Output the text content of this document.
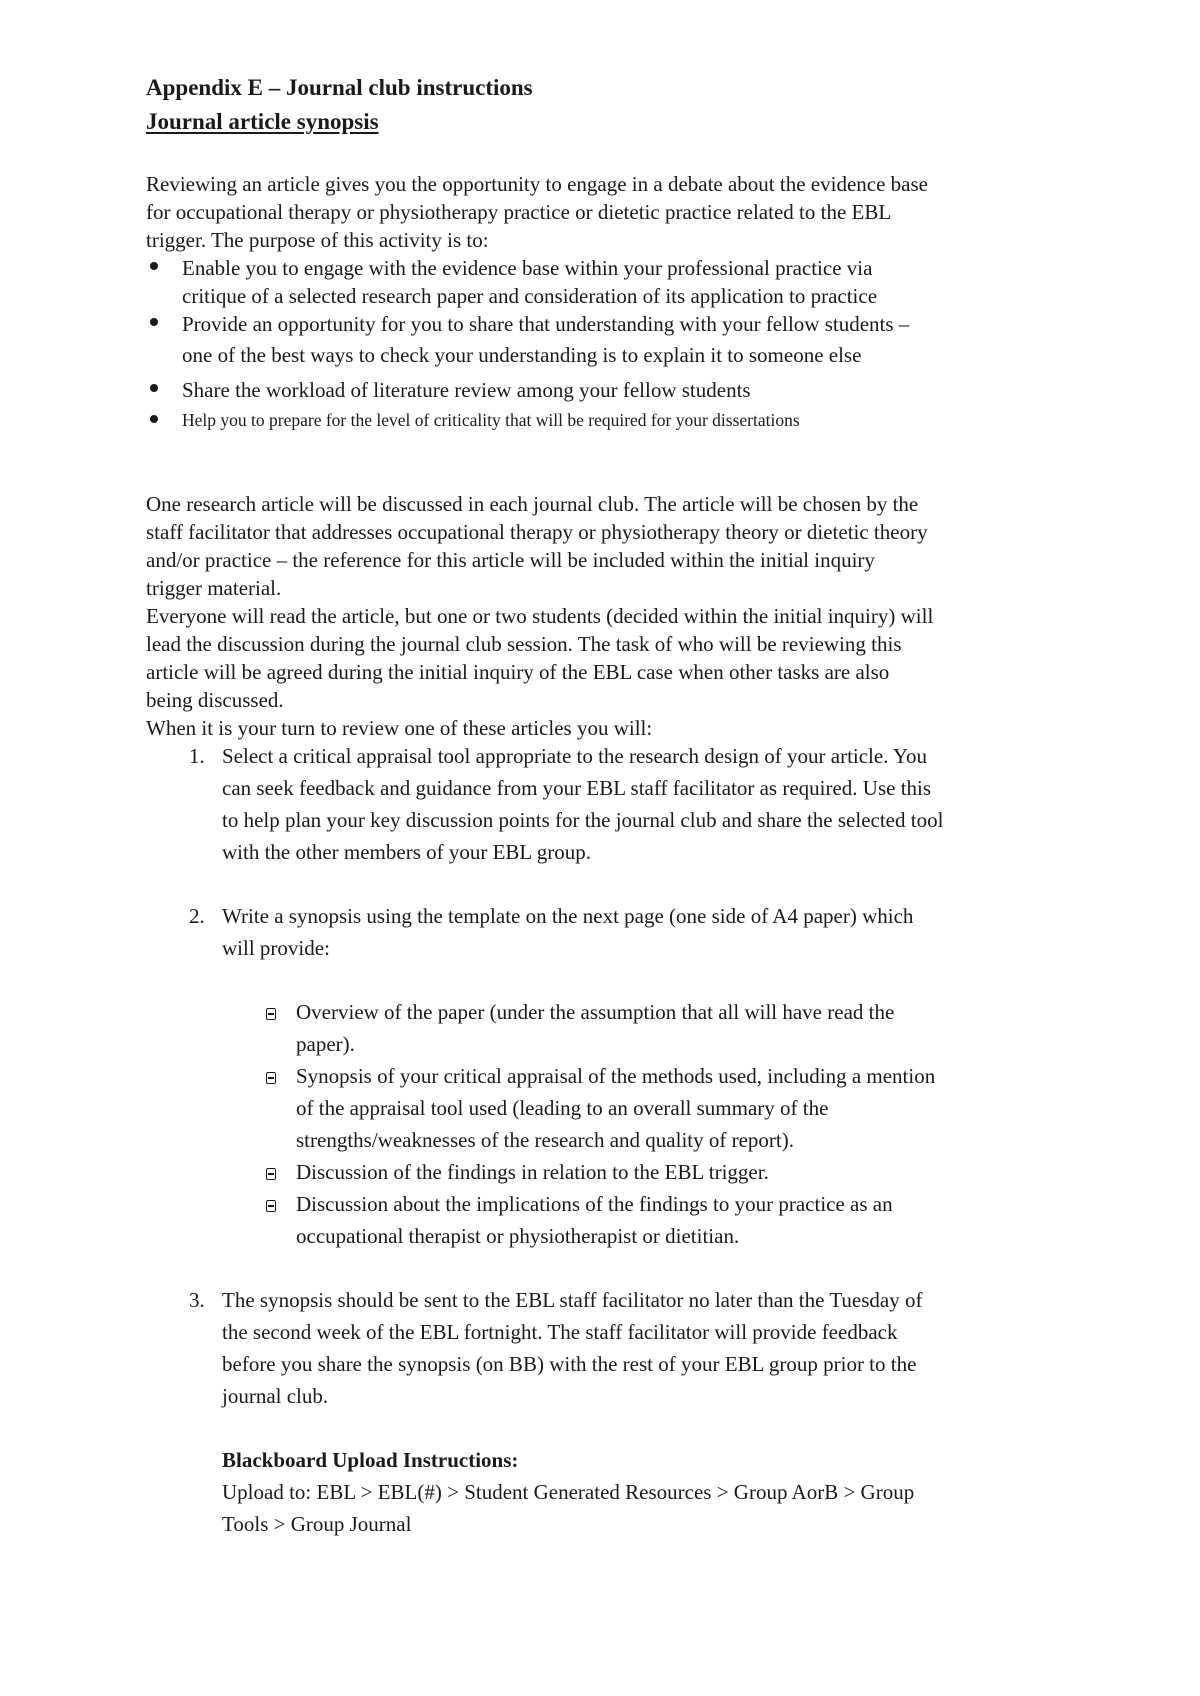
Appendix E – Journal club instructions
Journal article synopsis
Reviewing an article gives you the opportunity to engage in a debate about the evidence base
for occupational therapy or physiotherapy practice or dietetic practice related to the EBL
trigger. The purpose of this activity is to:
Enable you to engage with the evidence base within your professional practice via
critique of a selected research paper and consideration of its application to practice
Provide an opportunity for you to share that understanding with your fellow students –
one of the best ways to check your understanding is to explain it to someone else
Share the workload of literature review among your fellow students
Help you to prepare for the level of criticality that will be required for your dissertations
One research article will be discussed in each journal club. The article will be chosen by the
staff facilitator that addresses occupational therapy or physiotherapy theory or dietetic theory
and/or practice – the reference for this article will be included within the initial inquiry
trigger material.
Everyone will read the article, but one or two students (decided within the initial inquiry) will
lead the discussion during the journal club session. The task of who will be reviewing this
article will be agreed during the initial inquiry of the EBL case when other tasks are also
being discussed.
When it is your turn to review one of these articles you will:
1. Select a critical appraisal tool appropriate to the research design of your article. You
can seek feedback and guidance from your EBL staff facilitator as required. Use this
to help plan your key discussion points for the journal club and share the selected tool
with the other members of your EBL group.
2. Write a synopsis using the template on the next page (one side of A4 paper) which
will provide:
Overview of the paper (under the assumption that all will have read the
paper).
Synopsis of your critical appraisal of the methods used, including a mention
of the appraisal tool used (leading to an overall summary of the
strengths/weaknesses of the research and quality of report).
Discussion of the findings in relation to the EBL trigger.
Discussion about the implications of the findings to your practice as an
occupational therapist or physiotherapist or dietitian.
3. The synopsis should be sent to the EBL staff facilitator no later than the Tuesday of
the second week of the EBL fortnight. The staff facilitator will provide feedback
before you share the synopsis (on BB) with the rest of your EBL group prior to the
journal club.
Blackboard Upload Instructions:
Upload to: EBL > EBL(#) > Student Generated Resources > Group AorB > Group
Tools > Group Journal
